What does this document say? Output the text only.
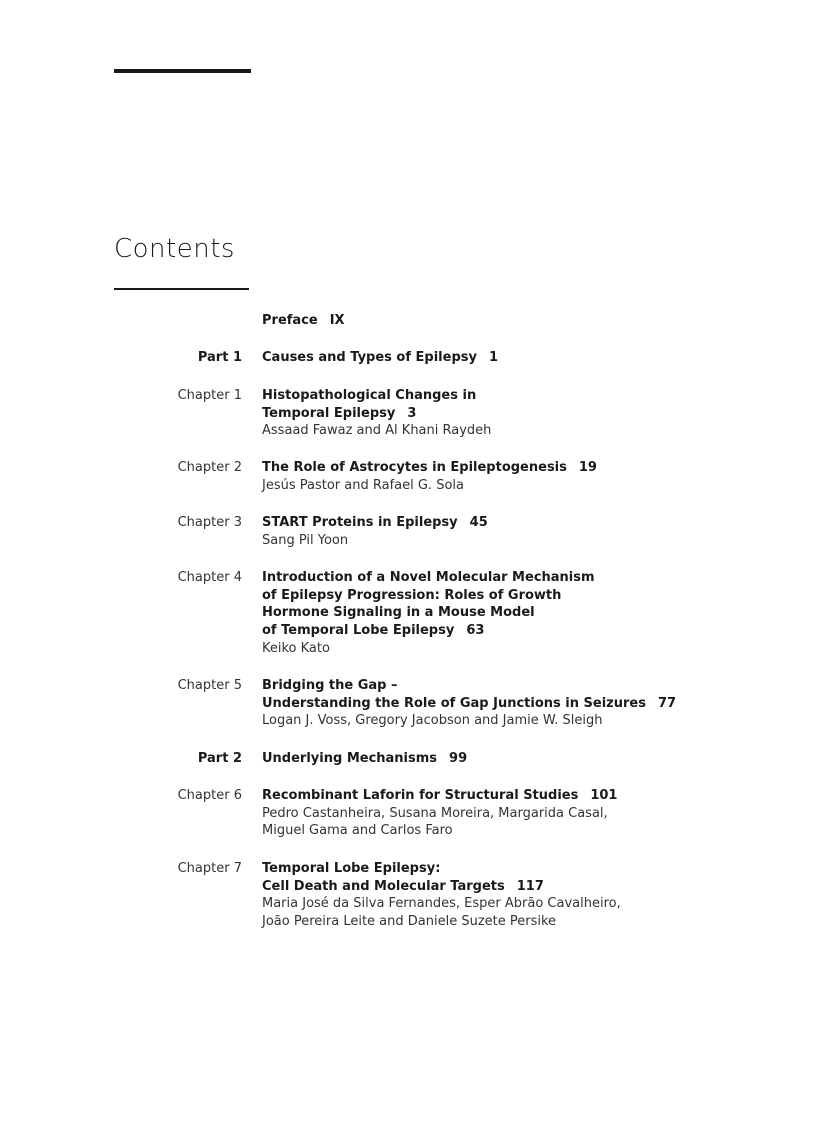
Contents
Preface IX
Part 1 Causes and Types of Epilepsy 1
Chapter 1 Histopathological Changes in
Temporal Epilepsy 3
Assaad Fawaz and Al Khani Raydeh
Chapter 2 The Role of Astrocytes in Epileptogenesis 19
Jesús Pastor and Rafael G. Sola
Chapter 3 START Proteins in Epilepsy 45
Sang Pil Yoon
Chapter 4 Introduction of a Novel Molecular Mechanism
of Epilepsy Progression: Roles of Growth
Hormone Signaling in a Mouse Model
of Temporal Lobe Epilepsy 63
Keiko Kato
Chapter 5 Bridging the Gap –
Understanding the Role of Gap Junctions in Seizures 77
Logan J. Voss, Gregory Jacobson and Jamie W. Sleigh
Part 2 Underlying Mechanisms 99
Chapter 6 Recombinant Laforin for Structural Studies 101
Pedro Castanheira, Susana Moreira, Margarida Casal,
Miguel Gama and Carlos Faro
Chapter 7 Temporal Lobe Epilepsy:
Cell Death and Molecular Targets 117
Maria José da Silva Fernandes, Esper Abrão Cavalheiro,
João Pereira Leite and Daniele Suzete Persike
